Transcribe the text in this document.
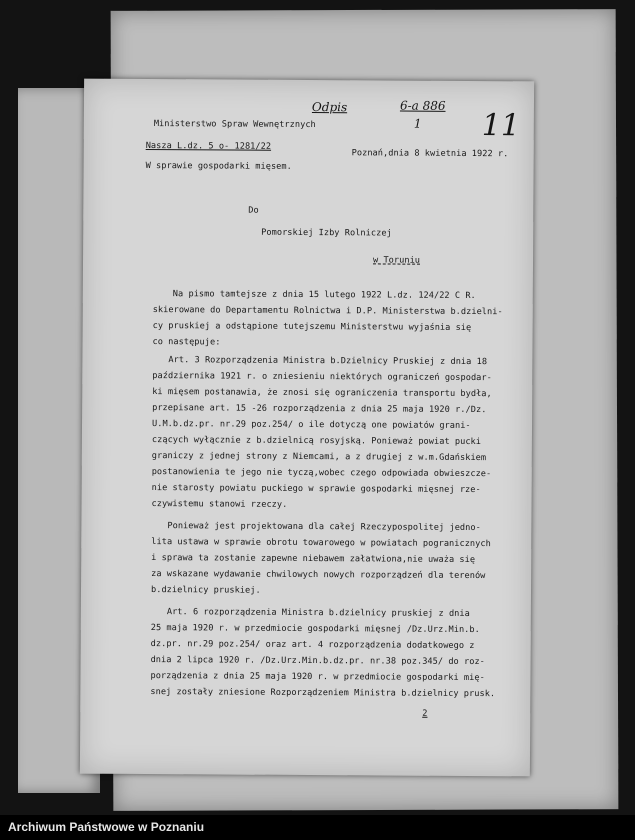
Ministerstwo Spraw Wewnętrznych
Nasza L.dz. 5 o- 1281/22
W sprawie gospodarki mięsem.
Poznań,dnia 8 kwietnia 1922 r.
Odpis	6-a 886
1 11
Do
Pomorskiej Izby Rolniczej
w Toruniu
Na pismo tamtejsze z dnia 15 lutego 1922 L.dz. 124/22 C R.
skierowane do Departamentu Rolnictwa i D.P. Ministerstwa b.dzielni-
cy pruskiej a odstąpione tutejszemu Ministerstwu wyjaśnia się
co następuje:
Art. 3 Rozporządzenia Ministra b.Dzielnicy Pruskiej z dnia 18
października 1921 r. o zniesieniu niektórych ograniczeń gospodar-
ki mięsem postanawia, że znosi się ograniczenia transportu bydła,
przepisane art. 15 -26 rozporządzenia z dnia 25 maja 1920 r./Dz.
U.M.b.dz.pr. nr.29 poz.254/ o ile dotyczą one powiatów grani-
czących wyłącznie z b.dzielnicą rosyjską. Ponieważ powiat pucki
graniczy z jednej strony z Niemcami, a z drugiej z w.m.Gdańskiem
postanowienia te jego nie tyczą,wobec czego odpowiada obwieszcze-
nie starosty powiatu puckiego w sprawie gospodarki mięsnej rze-
czywistemu stanowi rzeczy.
Ponieważ jest projektowana dla całej Rzeczypospolitej jedno-
lita ustawa w sprawie obrotu towarowego w powiatach pogranicznych
i sprawa ta zostanie zapewne niebawem załatwiona,nie uważa się
za wskazane wydawanie chwilowych nowych rozporządzeń dla terenów
b.dzielnicy pruskiej.
Art. 6 rozporządzenia Ministra b.dzielnicy pruskiej z dnia
25 maja 1920 r. w przedmiocie gospodarki mięsnej /Dz.Urz.Min.b.
dz.pr. nr.29 poz.254/ oraz art. 4 rozporządzenia dodatkowego z
dnia 2 lipca 1920 r. /Dz.Urz.Min.b.dz.pr. nr.38 poz.345/ do roz-
porządzenia z dnia 25 maja 1920 r. w przedmiocie gospodarki mię-
snej zostały zniesione Rozporządzeniem Ministra b.dzielnicy prusk.
2
Archiwum Państwowe w Poznaniu
